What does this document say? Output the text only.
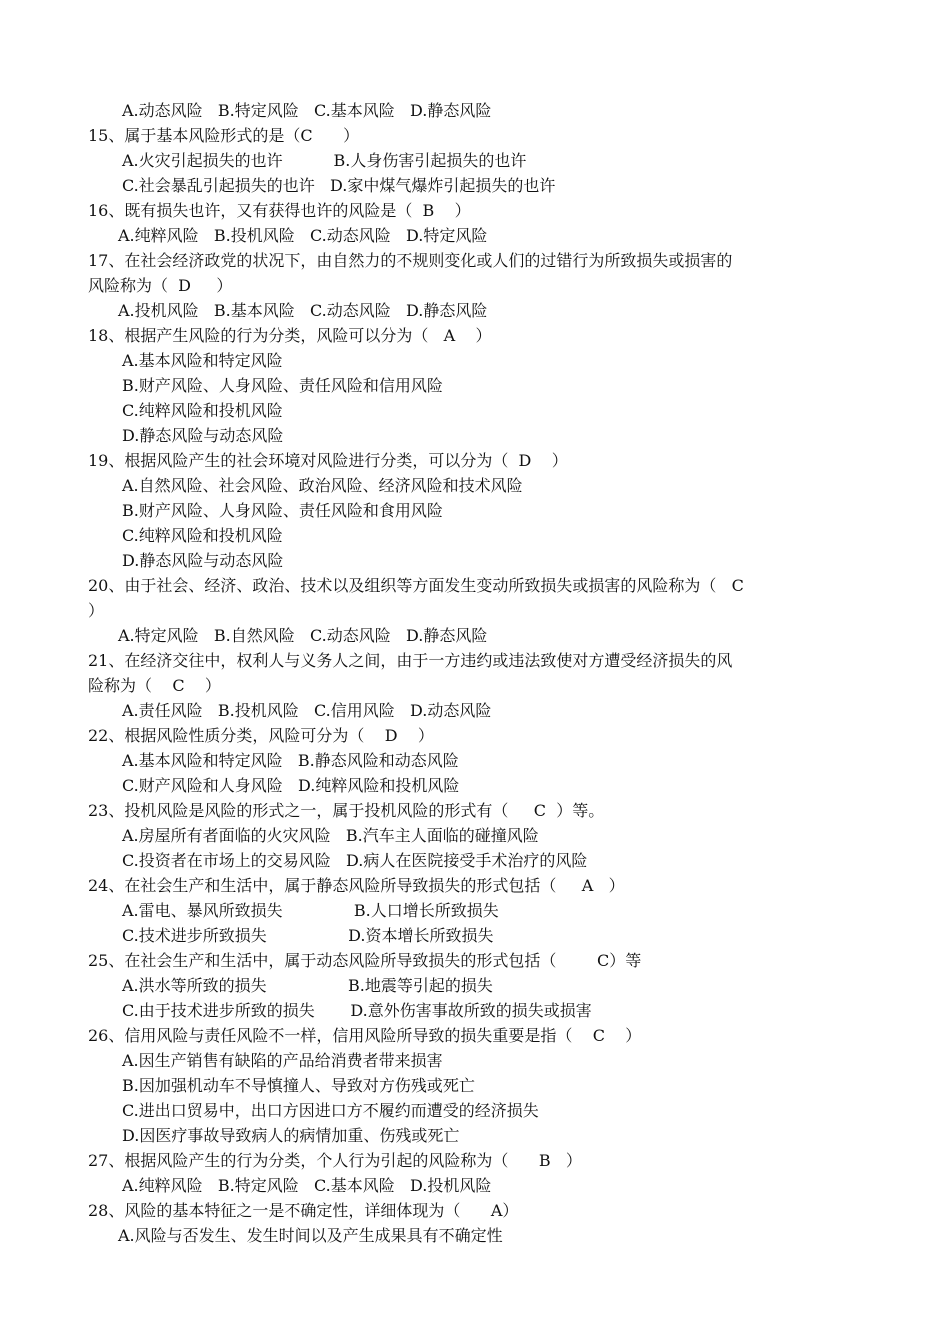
A.动态风险   B.特定风险   C.基本风险   D.静态风险
15、属于基本风险形式的是（C      ）
A.火灾引起损失的也许          B.人身伤害引起损失的也许
C.社会暴乱引起损失的也许   D.家中煤气爆炸引起损失的也许
16、既有损失也许，又有获得也许的风险是（  B    ）
A.纯粹风险   B.投机风险   C.动态风险   D.特定风险
17、在社会经济政党的状况下，由自然力的不规则变化或人们的过错行为所致损失或损害的
风险称为（  D     ）
A.投机风险   B.基本风险   C.动态风险   D.静态风险
18、根据产生风险的行为分类，风险可以分为（   A    ）
A.基本风险和特定风险
B.财产风险、人身风险、责任风险和信用风险
C.纯粹风险和投机风险
D.静态风险与动态风险
19、根据风险产生的社会环境对风险进行分类，可以分为（  D    ）
A.自然风险、社会风险、政治风险、经济风险和技术风险
B.财产风险、人身风险、责任风险和食用风险
C.纯粹风险和投机风险
D.静态风险与动态风险
20、由于社会、经济、政治、技术以及组织等方面发生变动所致损失或损害的风险称为（   C
）
A.特定风险   B.自然风险   C.动态风险   D.静态风险
21、在经济交往中，权利人与义务人之间，由于一方违约或违法致使对方遭受经济损失的风
险称为（    C    ）
A.责任风险   B.投机风险   C.信用风险   D.动态风险
22、根据风险性质分类，风险可分为（    D    ）
A.基本风险和特定风险   B.静态风险和动态风险
C.财产风险和人身风险   D.纯粹风险和投机风险
23、投机风险是风险的形式之一，属于投机风险的形式有（     C  ）等。
A.房屋所有者面临的火灾风险   B.汽车主人面临的碰撞风险
C.投资者在市场上的交易风险   D.病人在医院接受手术治疗的风险
24、在社会生产和生活中，属于静态风险所导致损失的形式包括（     A   ）
A.雷电、暴风所致损失              B.人口增长所致损失
C.技术进步所致损失                D.资本增长所致损失
25、在社会生产和生活中，属于动态风险所导致损失的形式包括（        C）等
A.洪水等所致的损失                B.地震等引起的损失
C.由于技术进步所致的损失       D.意外伤害事故所致的损失或损害
26、信用风险与责任风险不一样，信用风险所导致的损失重要是指（    C    ）
A.因生产销售有缺陷的产品给消费者带来损害
B.因加强机动车不导慎撞人、导致对方伤残或死亡
C.进出口贸易中，出口方因进口方不履约而遭受的经济损失
D.因医疗事故导致病人的病情加重、伤残或死亡
27、根据风险产生的行为分类，个人行为引起的风险称为（      B   ）
A.纯粹风险   B.特定风险   C.基本风险   D.投机风险
28、风险的基本特征之一是不确定性，详细体现为（      A）
A.风险与否发生、发生时间以及产生成果具有不确定性
